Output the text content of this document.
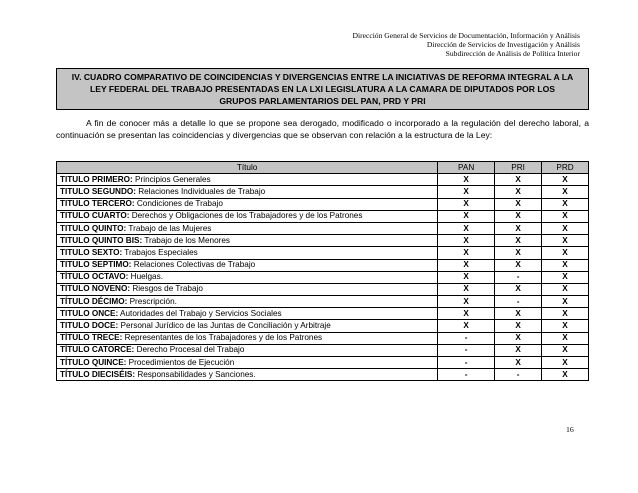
Dirección General de Servicios de Documentación, Información y Análisis
Dirección de Servicios de Investigación y Análisis
Subdirección de Análisis de Política Interior
IV. CUADRO COMPARATIVO DE COINCIDENCIAS Y DIVERGENCIAS ENTRE LA INICIATIVAS DE REFORMA INTEGRAL A LA
LEY FEDERAL DEL TRABAJO PRESENTADAS EN LA LXI LEGISLATURA A LA CAMARA DE DIPUTADOS POR LOS
GRUPOS PARLAMENTARIOS DEL PAN, PRD Y PRI

A fin de conocer más a detalle lo que se propone sea derogado, modificado o incorporado a la regulación del derecho laboral, a continuación se presentan las coincidencias y divergencias que se observan con relación a la estructura de la Ley:

Título	PAN	PRI	PRD
TITULO PRIMERO: Principios Generales	X	X	X
TITULO SEGUNDO: Relaciones Individuales de Trabajo	X	X	X
TITULO TERCERO: Condiciones de Trabajo	X	X	X
TITULO CUARTO: Derechos y Obligaciones de los Trabajadores y de los Patrones	X	X	X
TITULO QUINTO: Trabajo de las Mujeres	X	X	X
TITULO QUINTO BIS: Trabajo de los Menores	X	X	X
TITULO SEXTO: Trabajos Especiales	X	X	X
TITULO SEPTIMO: Relaciones Colectivas de Trabajo	X	X	X
TÍTULO OCTAVO: Huelgas.	X	-	X
TITULO NOVENO: Riesgos de Trabajo	X	X	X
TÍTULO DÉCIMO: Prescripción.	X	-	X
TITULO ONCE: Autoridades del Trabajo y Servicios Sociales	X	X	X
TITULO DOCE: Personal Jurídico de las Juntas de Conciliación y Arbitraje	X	X	X
TÍTULO TRECE: Representantes de los Trabajadores y de los Patrones	-	X	X
TÍTULO CATORCE: Derecho Procesal del Trabajo	-	X	X
TÍTULO QUINCE: Procedimientos de Ejecución	-	X	X
TÍTULO DIECISÉIS: Responsabilidades y Sanciones.	-	-	X
16
